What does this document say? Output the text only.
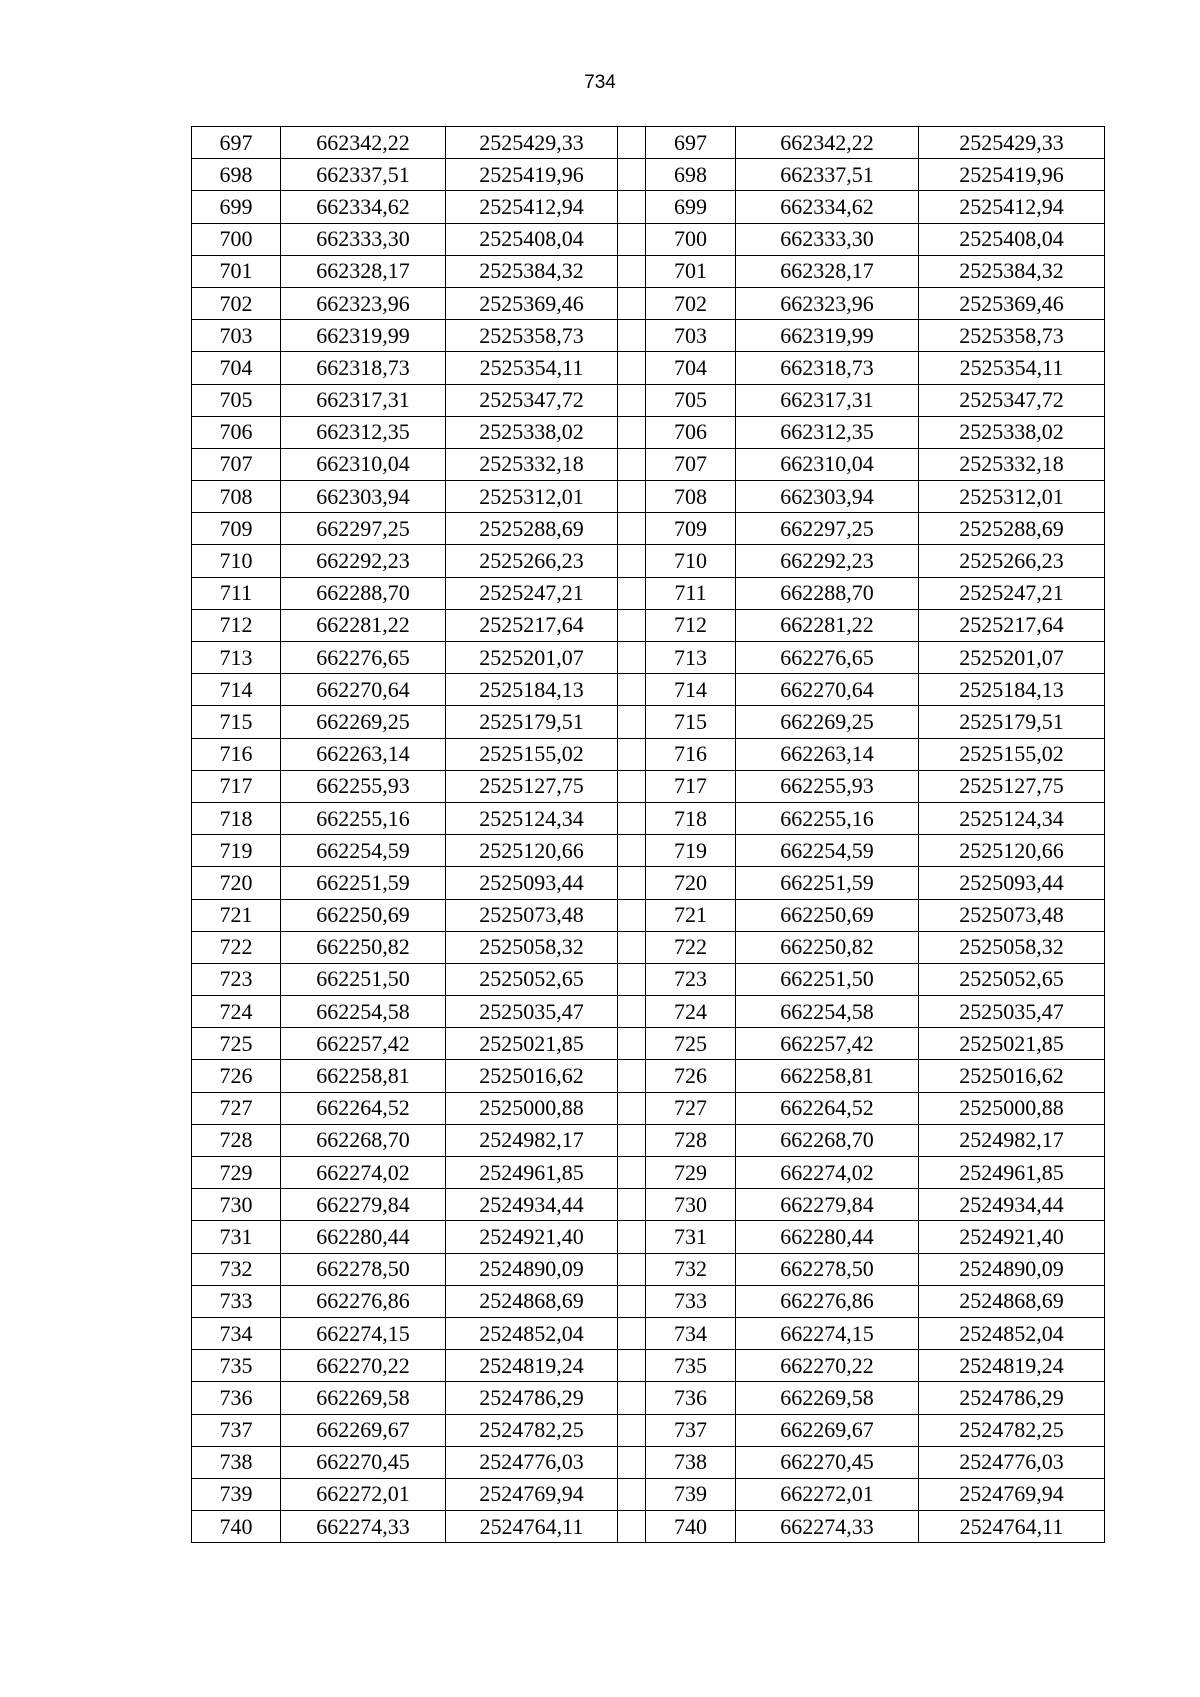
734
697	662342,22	2525429,33		697	662342,22	2525429,33
698	662337,51	2525419,96		698	662337,51	2525419,96
699	662334,62	2525412,94		699	662334,62	2525412,94
700	662333,30	2525408,04		700	662333,30	2525408,04
701	662328,17	2525384,32		701	662328,17	2525384,32
702	662323,96	2525369,46		702	662323,96	2525369,46
703	662319,99	2525358,73		703	662319,99	2525358,73
704	662318,73	2525354,11		704	662318,73	2525354,11
705	662317,31	2525347,72		705	662317,31	2525347,72
706	662312,35	2525338,02		706	662312,35	2525338,02
707	662310,04	2525332,18		707	662310,04	2525332,18
708	662303,94	2525312,01		708	662303,94	2525312,01
709	662297,25	2525288,69		709	662297,25	2525288,69
710	662292,23	2525266,23		710	662292,23	2525266,23
711	662288,70	2525247,21		711	662288,70	2525247,21
712	662281,22	2525217,64		712	662281,22	2525217,64
713	662276,65	2525201,07		713	662276,65	2525201,07
714	662270,64	2525184,13		714	662270,64	2525184,13
715	662269,25	2525179,51		715	662269,25	2525179,51
716	662263,14	2525155,02		716	662263,14	2525155,02
717	662255,93	2525127,75		717	662255,93	2525127,75
718	662255,16	2525124,34		718	662255,16	2525124,34
719	662254,59	2525120,66		719	662254,59	2525120,66
720	662251,59	2525093,44		720	662251,59	2525093,44
721	662250,69	2525073,48		721	662250,69	2525073,48
722	662250,82	2525058,32		722	662250,82	2525058,32
723	662251,50	2525052,65		723	662251,50	2525052,65
724	662254,58	2525035,47		724	662254,58	2525035,47
725	662257,42	2525021,85		725	662257,42	2525021,85
726	662258,81	2525016,62		726	662258,81	2525016,62
727	662264,52	2525000,88		727	662264,52	2525000,88
728	662268,70	2524982,17		728	662268,70	2524982,17
729	662274,02	2524961,85		729	662274,02	2524961,85
730	662279,84	2524934,44		730	662279,84	2524934,44
731	662280,44	2524921,40		731	662280,44	2524921,40
732	662278,50	2524890,09		732	662278,50	2524890,09
733	662276,86	2524868,69		733	662276,86	2524868,69
734	662274,15	2524852,04		734	662274,15	2524852,04
735	662270,22	2524819,24		735	662270,22	2524819,24
736	662269,58	2524786,29		736	662269,58	2524786,29
737	662269,67	2524782,25		737	662269,67	2524782,25
738	662270,45	2524776,03		738	662270,45	2524776,03
739	662272,01	2524769,94		739	662272,01	2524769,94
740	662274,33	2524764,11		740	662274,33	2524764,11
